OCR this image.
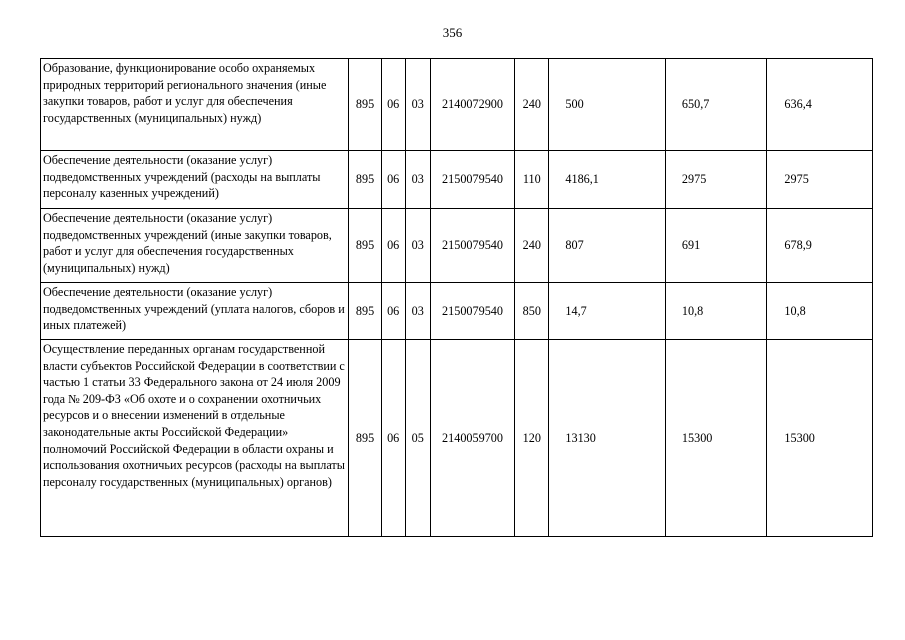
356
Образование, функционирование особо охраняемых природных территорий регионального значения (иные закупки товаров, работ и услуг для обеспечения государственных (муниципальных) нужд)	895	06	03	2140072900	240	500	650,7	636,4
Обеспечение деятельности (оказание услуг) подведомственных учреждений (расходы на выплаты персоналу казенных учреждений)	895	06	03	2150079540	110	4186,1	2975	2975
Обеспечение деятельности (оказание услуг) подведомственных учреждений (иные закупки товаров, работ и услуг для обеспечения государственных (муниципальных) нужд)	895	06	03	2150079540	240	807	691	678,9
Обеспечение деятельности (оказание услуг) подведомственных учреждений (уплата налогов, сборов и иных платежей)	895	06	03	2150079540	850	14,7	10,8	10,8
Осуществление переданных органам государственной власти субъектов Российской Федерации в соответствии с частью 1 статьи 33 Федерального закона от 24 июля 2009 года № 209-ФЗ «Об охоте и о сохранении охотничьих ресурсов и о внесении изменений в отдельные законодательные акты Российской Федерации» полномочий Российской Федерации в области охраны и использования охотничьих ресурсов (расходы на выплаты персоналу государственных (муниципальных) органов)	895	06	05	2140059700	120	13130	15300	15300
